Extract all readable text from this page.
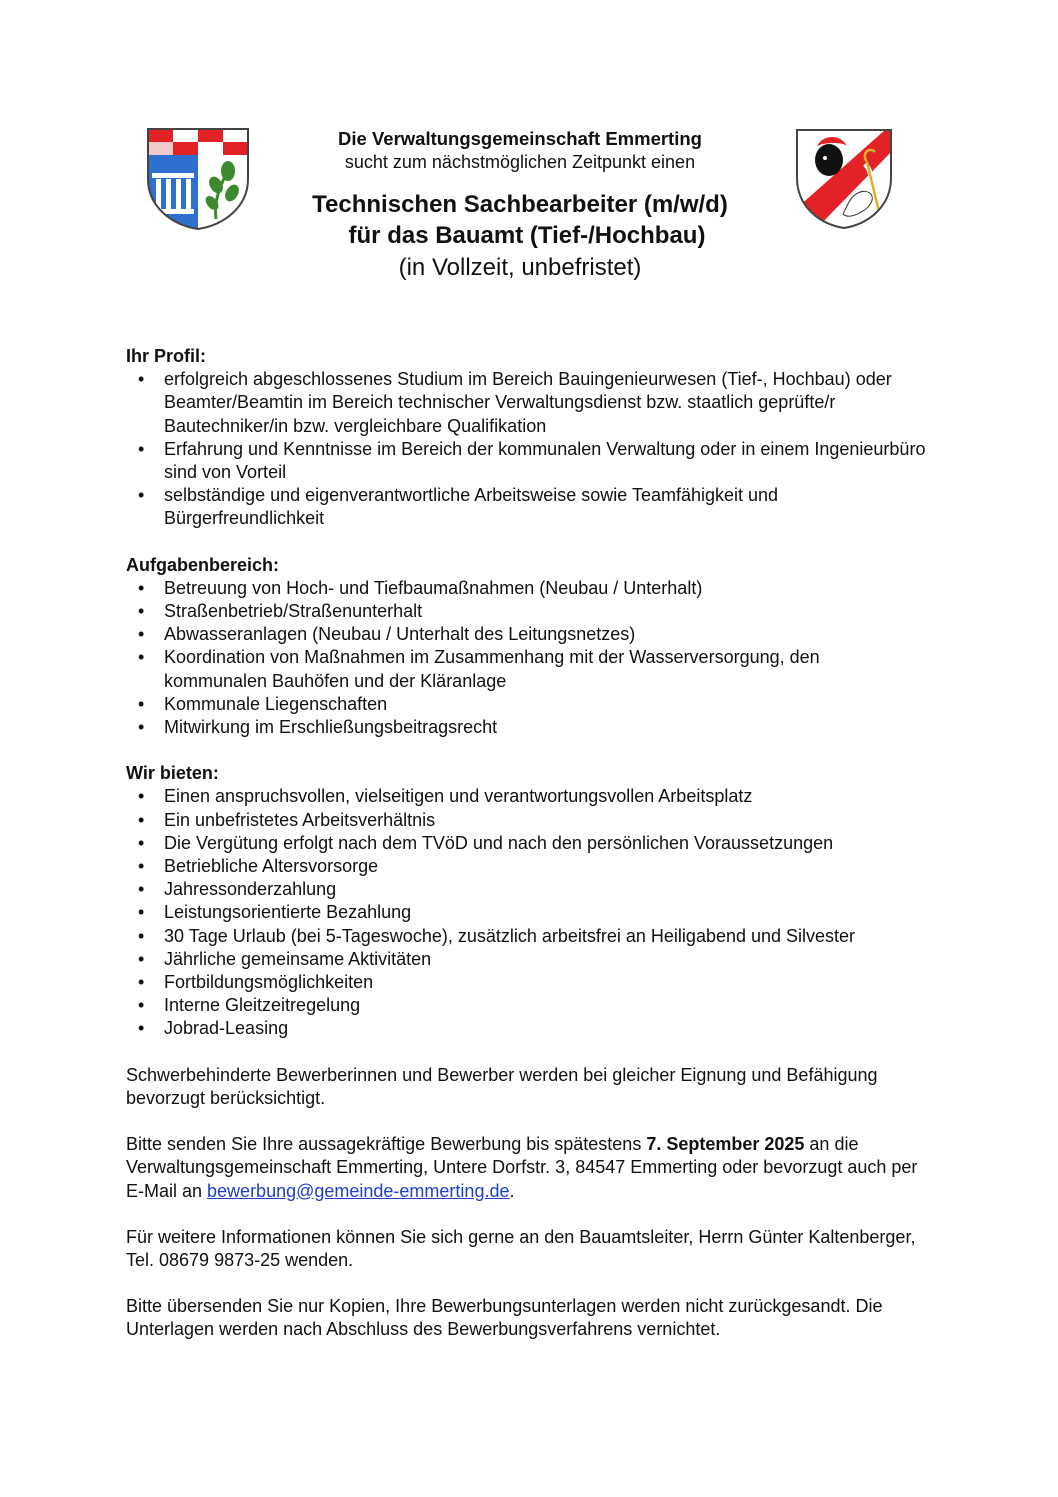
Die Verwaltungsgemeinschaft Emmerting
sucht zum nächstmöglichen Zeitpunkt einen
Technischen Sachbearbeiter (m/w/d)
für das Bauamt (Tief-/Hochbau)
(in Vollzeit, unbefristet)

Ihr Profil:

• erfolgreich abgeschlossenes Studium im Bereich Bauingenieurwesen (Tief-, Hochbau) oder Beamter/Beamtin im Bereich technischer Verwaltungsdienst bzw. staatlich geprüfte/r Bautechniker/in bzw. vergleichbare Qualifikation
• Erfahrung und Kenntnisse im Bereich der kommunalen Verwaltung oder in einem Ingenieurbüro sind von Vorteil
• selbständige und eigenverantwortliche Arbeitsweise sowie Teamfähigkeit und Bürgerfreundlichkeit

Aufgabenbereich:

• Betreuung von Hoch- und Tiefbaumaßnahmen (Neubau / Unterhalt)
• Straßenbetrieb/Straßenunterhalt
• Abwasseranlagen (Neubau / Unterhalt des Leitungsnetzes)
• Koordination von Maßnahmen im Zusammenhang mit der Wasserversorgung, den kommunalen Bauhöfen und der Kläranlage
• Kommunale Liegenschaften
• Mitwirkung im Erschließungsbeitragsrecht

Wir bieten:

• Einen anspruchsvollen, vielseitigen und verantwortungsvollen Arbeitsplatz
• Ein unbefristetes Arbeitsverhältnis
• Die Vergütung erfolgt nach dem TVöD und nach den persönlichen Voraussetzungen
• Betriebliche Altersvorsorge
• Jahressonderzahlung
• Leistungsorientierte Bezahlung
• 30 Tage Urlaub (bei 5-Tageswoche), zusätzlich arbeitsfrei an Heiligabend und Silvester
• Jährliche gemeinsame Aktivitäten
• Fortbildungsmöglichkeiten
• Interne Gleitzeitregelung
• Jobrad-Leasing

Schwerbehinderte Bewerberinnen und Bewerber werden bei gleicher Eignung und Befähigung bevorzugt berücksichtigt.

Bitte senden Sie Ihre aussagekräftige Bewerbung bis spätestens 7. September 2025 an die Verwaltungsgemeinschaft Emmerting, Untere Dorfstr. 3, 84547 Emmerting oder bevorzugt auch per E-Mail an bewerbung@gemeinde-emmerting.de.

Für weitere Informationen können Sie sich gerne an den Bauamtsleiter, Herrn Günter Kaltenberger, Tel. 08679 9873-25 wenden.

Bitte übersenden Sie nur Kopien, Ihre Bewerbungsunterlagen werden nicht zurückgesandt. Die Unterlagen werden nach Abschluss des Bewerbungsverfahrens vernichtet.
